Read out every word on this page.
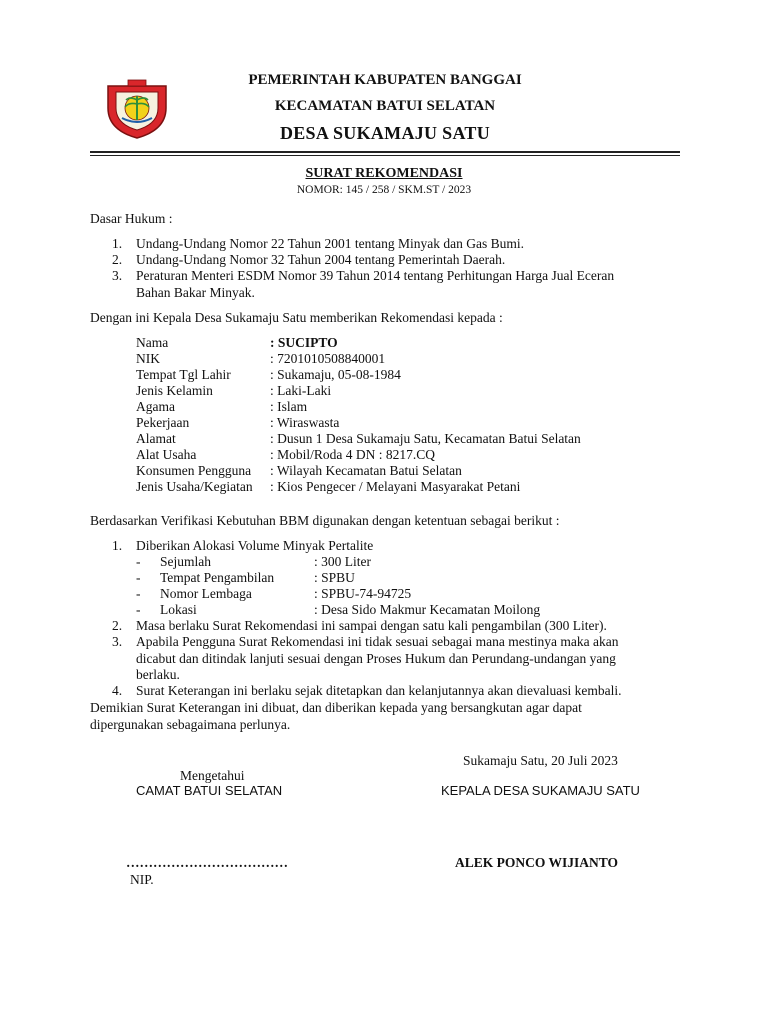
PEMERINTAH KABUPATEN BANGGAI
KECAMATAN BATUI SELATAN
DESA SUKAMAJU SATU
SURAT REKOMENDASI
NOMOR: 145 / 258 / SKM.ST / 2023
Dasar Hukum :
1. Undang-Undang Nomor 22 Tahun 2001 tentang Minyak dan Gas Bumi.
2. Undang-Undang Nomor 32 Tahun 2004 tentang Pemerintah Daerah.
3. Peraturan Menteri ESDM Nomor 39 Tahun 2014 tentang Perhitungan Harga Jual Eceran
Bahan Bakar Minyak.
Dengan ini Kepala Desa Sukamaju Satu memberikan Rekomendasi kepada :
Nama	: SUCIPTO
NIK	: 7201010508840001
Tempat Tgl Lahir	: Sukamaju, 05-08-1984
Jenis Kelamin	: Laki-Laki
Agama	: Islam
Pekerjaan	: Wiraswasta
Alamat	: Dusun 1 Desa Sukamaju Satu, Kecamatan Batui Selatan
Alat Usaha	: Mobil/Roda 4 DN : 8217.CQ
Konsumen Pengguna : Wilayah Kecamatan Batui Selatan
Jenis Usaha/Kegiatan : Kios Pengecer / Melayani Masyarakat Petani
Berdasarkan Verifikasi Kebutuhan BBM digunakan dengan ketentuan sebagai berikut :
1. Diberikan Alokasi Volume Minyak Pertalite
- Sejumlah	: 300 Liter
- Tempat Pengambilan	: SPBU
- Nomor Lembaga	: SPBU-74-94725
- Lokasi	: Desa Sido Makmur Kecamatan Moilong
2. Masa berlaku Surat Rekomendasi ini sampai dengan satu kali pengambilan (300 Liter).
3. Apabila Pengguna Surat Rekomendasi ini tidak sesuai sebagai mana mestinya maka akan
dicabut dan ditindak lanjuti sesuai dengan Proses Hukum dan Perundang-undangan yang
berlaku.
4. Surat Keterangan ini berlaku sejak ditetapkan dan kelanjutannya akan dievaluasi kembali.
Demikian Surat Keterangan ini dibuat, dan diberikan kepada yang bersangkutan agar dapat
dipergunakan sebagaimana perlunya.
Sukamaju Satu, 20 Juli 2023
Mengetahui
CAMAT BATUI SELATAN	KEPALA DESA SUKAMAJU SATU
………………………………	ALEK PONCO WIJIANTO
NIP.
